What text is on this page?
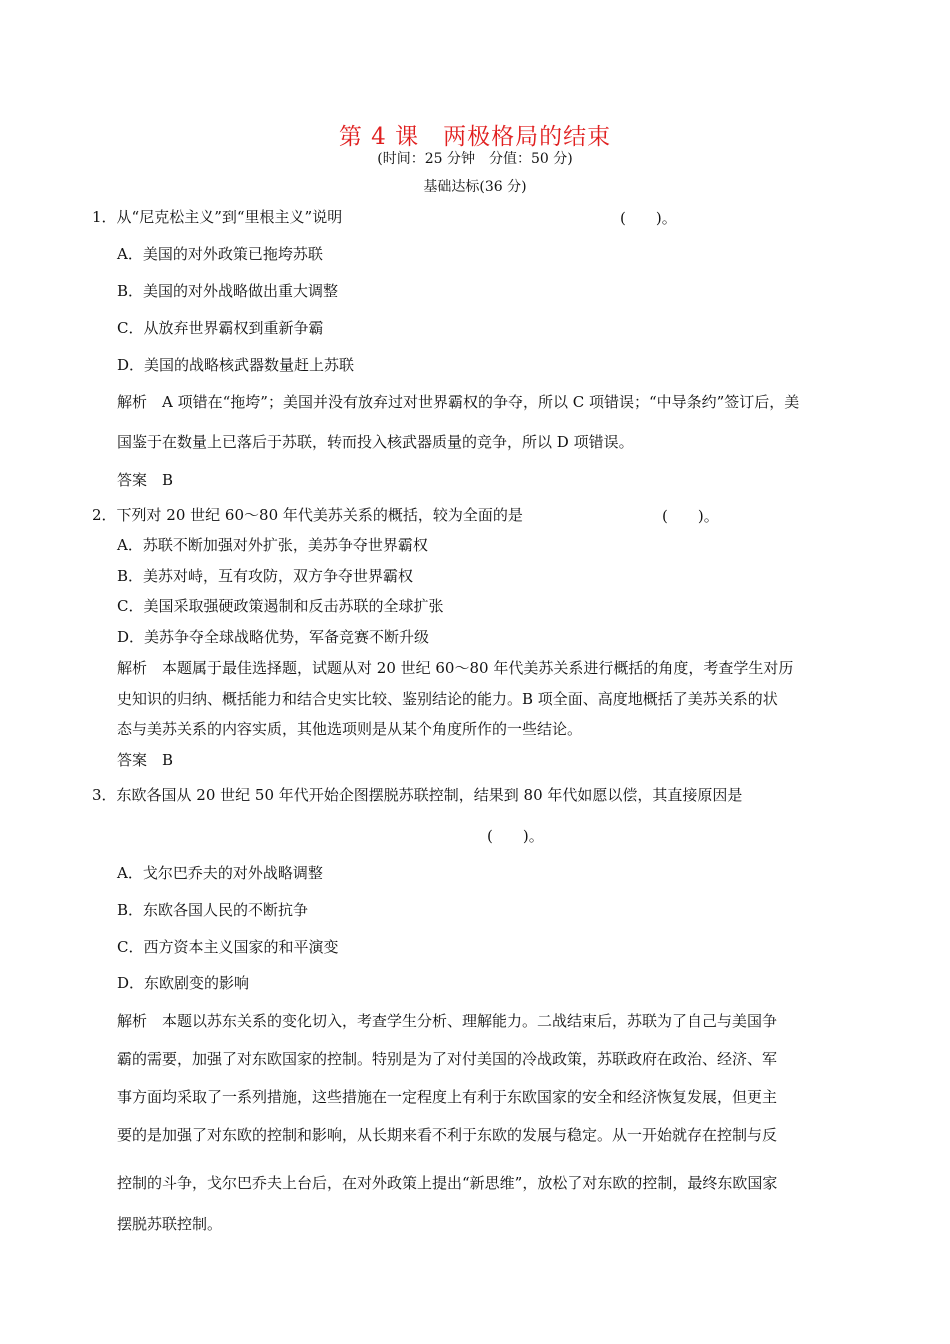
第 4 课　两极格局的结束
(时间：25 分钟　分值：50 分)
基础达标(36 分)
1．从“尼克松主义”到“里根主义”说明	(　　)。
A．美国的对外政策已拖垮苏联
B．美国的对外战略做出重大调整
C．从放弃世界霸权到重新争霸
D．美国的战略核武器数量赶上苏联
解析　A 项错在“拖垮”；美国并没有放弃过对世界霸权的争夺，所以 C 项错误；“中导条约”签订后，美
国鉴于在数量上已落后于苏联，转而投入核武器质量的竞争，所以 D 项错误。
答案　B
2．下列对 20 世纪 60～80 年代美苏关系的概括，较为全面的是	(　　)。
A．苏联不断加强对外扩张，美苏争夺世界霸权
B．美苏对峙，互有攻防，双方争夺世界霸权
C．美国采取强硬政策遏制和反击苏联的全球扩张
D．美苏争夺全球战略优势，军备竞赛不断升级
解析　本题属于最佳选择题，试题从对 20 世纪 60～80 年代美苏关系进行概括的角度，考查学生对历
史知识的归纳、概括能力和结合史实比较、鉴别结论的能力。B 项全面、高度地概括了美苏关系的状
态与美苏关系的内容实质，其他选项则是从某个角度所作的一些结论。
答案　B
3．东欧各国从 20 世纪 50 年代开始企图摆脱苏联控制，结果到 80 年代如愿以偿，其直接原因是
(　　)。
A．戈尔巴乔夫的对外战略调整
B．东欧各国人民的不断抗争
C．西方资本主义国家的和平演变
D．东欧剧变的影响
解析　本题以苏东关系的变化切入，考查学生分析、理解能力。二战结束后，苏联为了自己与美国争
霸的需要，加强了对东欧国家的控制。特别是为了对付美国的冷战政策，苏联政府在政治、经济、军
事方面均采取了一系列措施，这些措施在一定程度上有利于东欧国家的安全和经济恢复发展，但更主
要的是加强了对东欧的控制和影响，从长期来看不利于东欧的发展与稳定。从一开始就存在控制与反
控制的斗争，戈尔巴乔夫上台后，在对外政策上提出“新思维”，放松了对东欧的控制，最终东欧国家
摆脱苏联控制。
